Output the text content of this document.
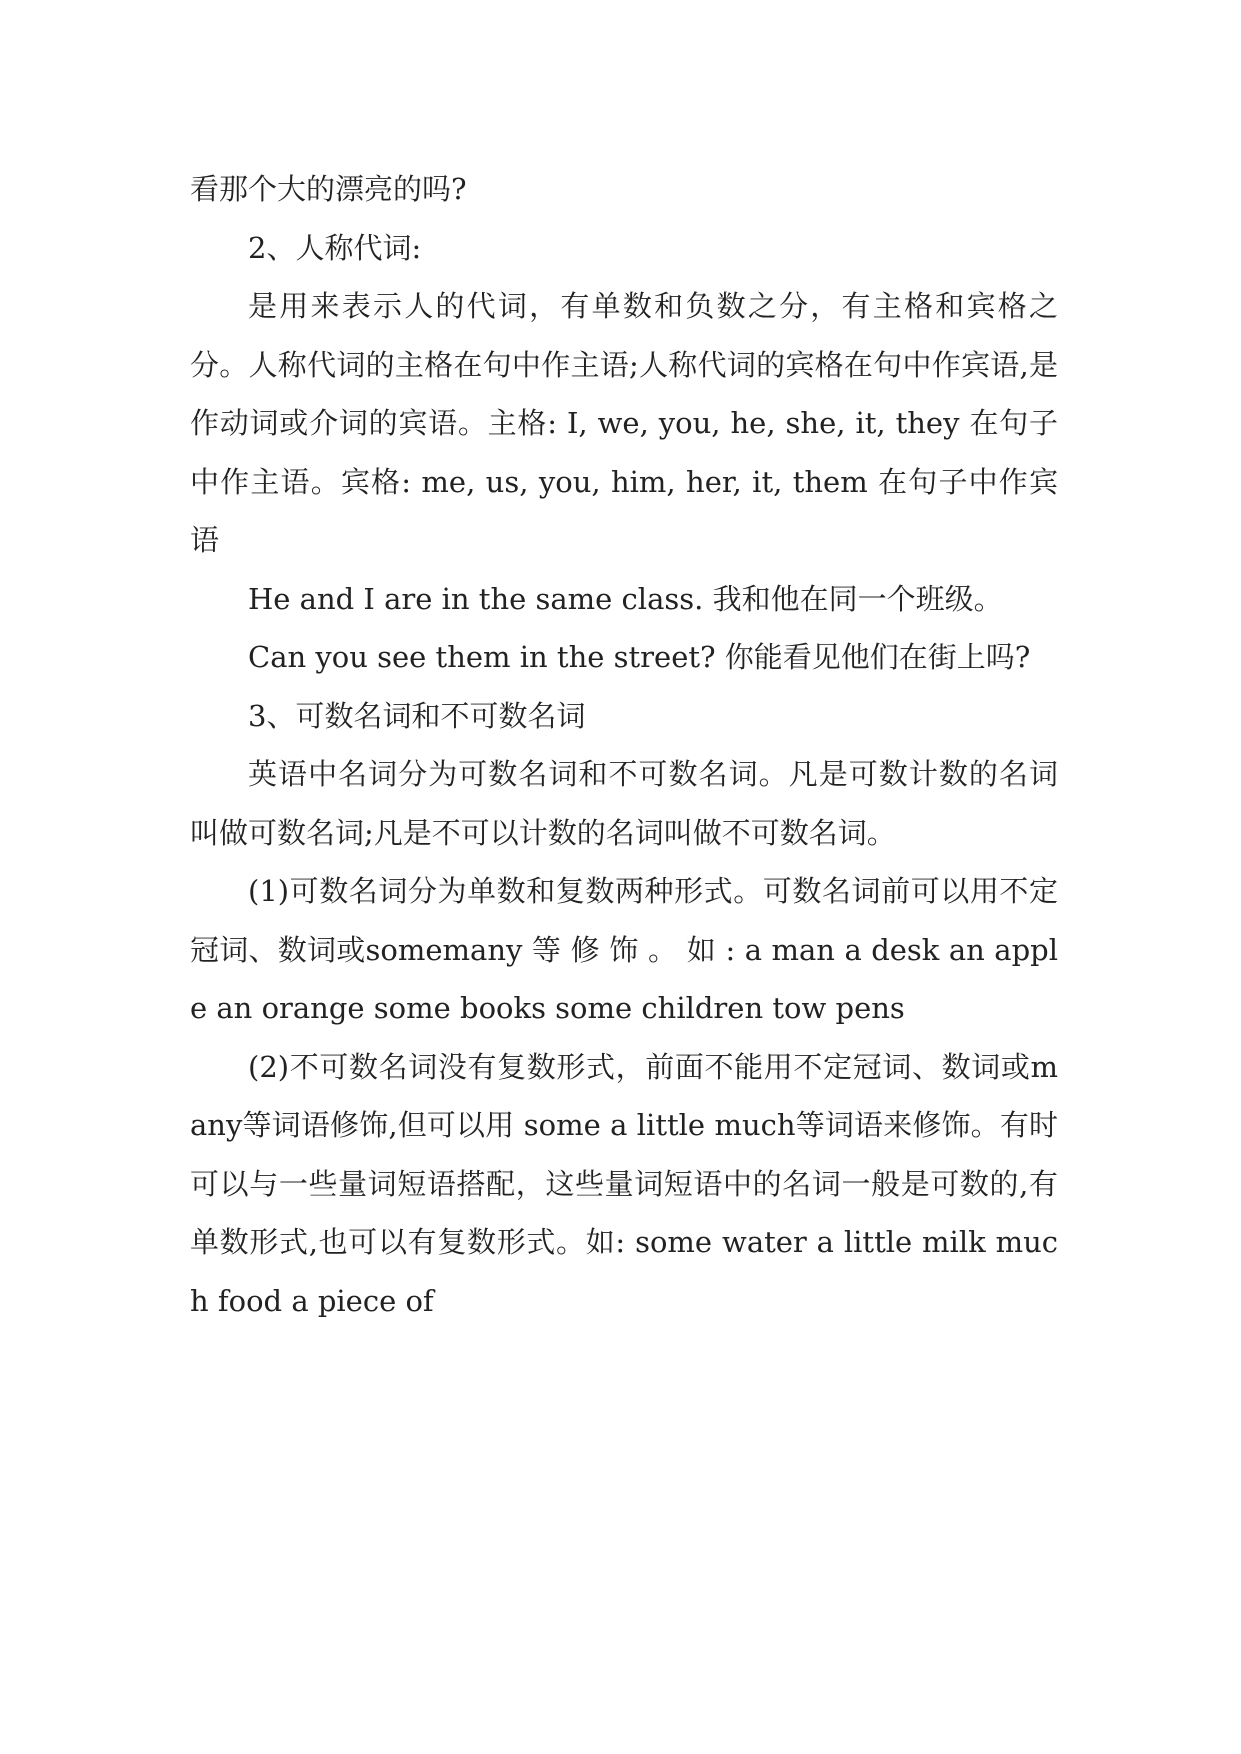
看那个大的漂亮的吗?

2、人称代词:

是用来表示人的代词，有单数和负数之分，有主格和宾格之分。人称代词的主格在句中作主语;人称代词的宾格在句中作宾语,是作动词或介词的宾语。主格: I, we, you, he, she, it, they 在句子中作主语。宾格: me, us, you, him, her, it, them 在句子中作宾语

He and I are in the same class. 我和他在同一个班级。

Can you see them in the street? 你能看见他们在街上吗?

3、可数名词和不可数名词

英语中名词分为可数名词和不可数名词。凡是可数计数的名词叫做可数名词;凡是不可以计数的名词叫做不可数名词。

(1)可数名词分为单数和复数两种形式。可数名词前可以用不定冠词、数词或somemany 等 修 饰 。 如 : a man a desk an apple an orange some books some children tow pens

(2)不可数名词没有复数形式，前面不能用不定冠词、数词或many等词语修饰,但可以用 some a little much等词语来修饰。有时可以与一些量词短语搭配，这些量词短语中的名词一般是可数的,有单数形式,也可以有复数形式。如: some water a little milk much food a piece of
